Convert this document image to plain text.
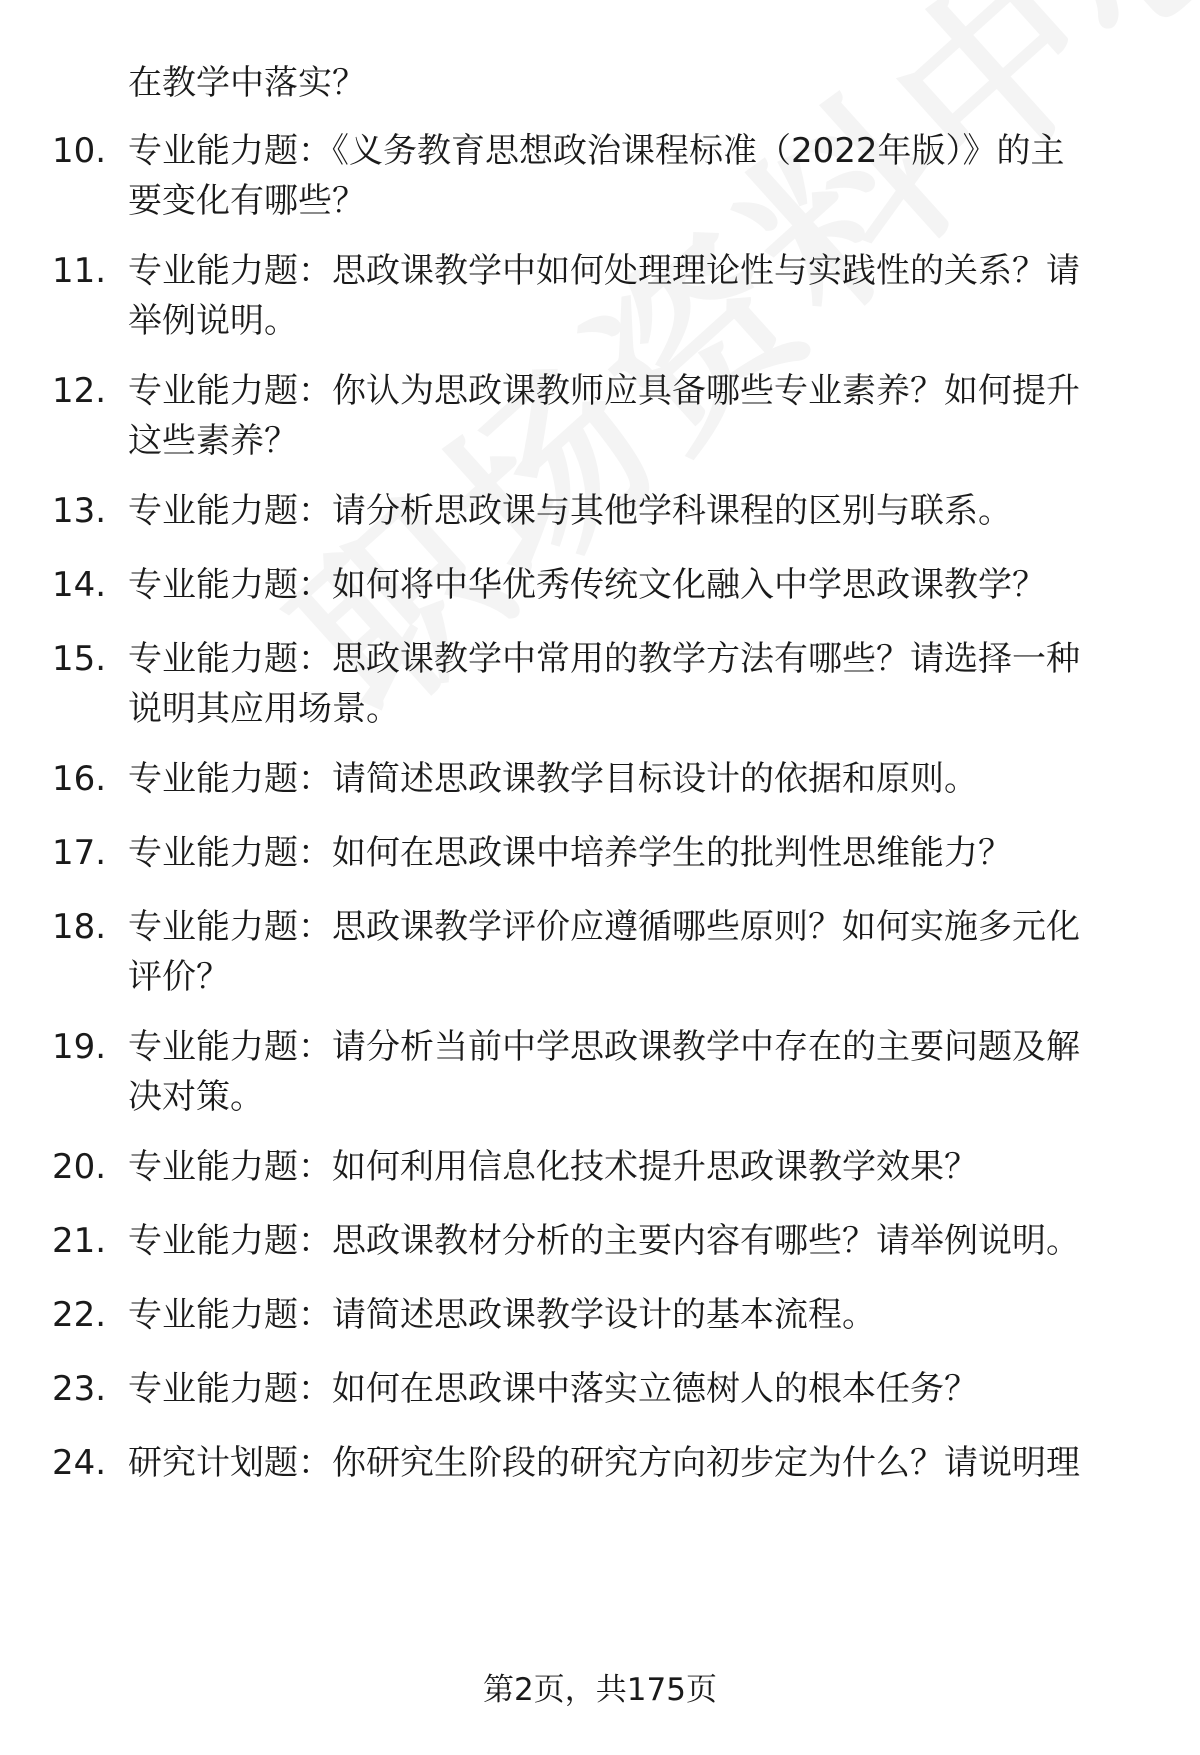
在教学中落实？
10. 专业能力题：《义务教育思想政治课程标准（2022年版）》的主
要变化有哪些？
11. 专业能力题：思政课教学中如何处理理论性与实践性的关系？请
举例说明。
12. 专业能力题：你认为思政课教师应具备哪些专业素养？如何提升
这些素养？
13. 专业能力题：请分析思政课与其他学科课程的区别与联系。
14. 专业能力题：如何将中华优秀传统文化融入中学思政课教学？
15. 专业能力题：思政课教学中常用的教学方法有哪些？请选择一种
说明其应用场景。
16. 专业能力题：请简述思政课教学目标设计的依据和原则。
17. 专业能力题：如何在思政课中培养学生的批判性思维能力？
18. 专业能力题：思政课教学评价应遵循哪些原则？如何实施多元化
评价？
19. 专业能力题：请分析当前中学思政课教学中存在的主要问题及解
决对策。
20. 专业能力题：如何利用信息化技术提升思政课教学效果？
21. 专业能力题：思政课教材分析的主要内容有哪些？请举例说明。
22. 专业能力题：请简述思政课教学设计的基本流程。
23. 专业能力题：如何在思政课中落实立德树人的根本任务？
24. 研究计划题：你研究生阶段的研究方向初步定为什么？请说明理
第2页，共175页
